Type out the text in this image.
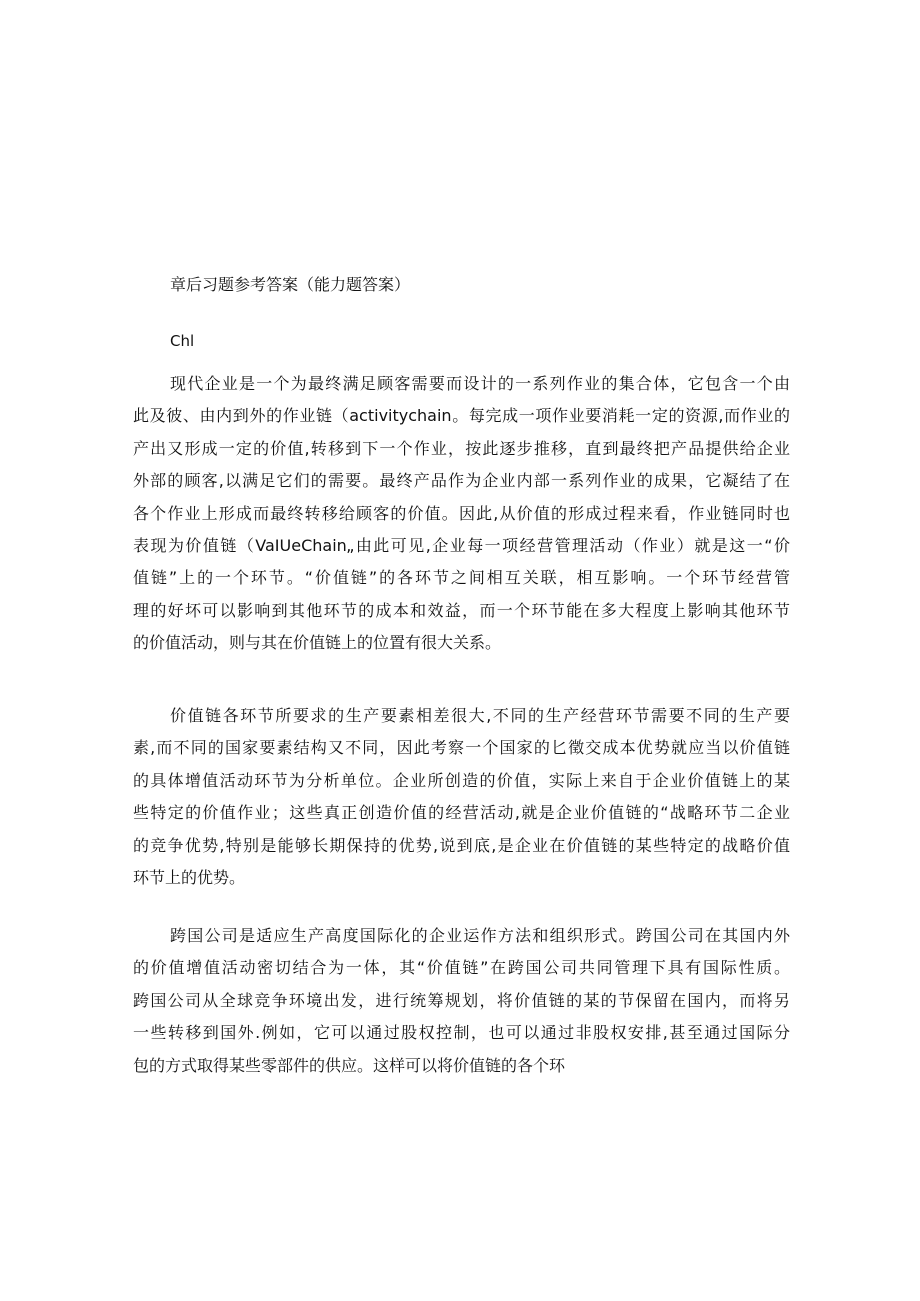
章后习题参考答案（能力题答案）
Chl
现代企业是一个为最终满足顾客需要而设计的一系列作业的集合体，它包含一个由
此及彼、由内到外的作业链（activitychain。每完成一项作业要消耗一定的资源,而作业的
产出又形成一定的价值,转移到下一个作业，按此逐步推移，直到最终把产品提供给企业
外部的顾客,以满足它们的需要。最终产品作为企业内部一系列作业的成果，它凝结了在
各个作业上形成而最终转移给顾客的价值。因此,从价值的形成过程来看，作业链同时也
表现为价值链（VaIUeChain„由此可见,企业每一项经营管理活动（作业）就是这一“价
值链”上的一个环节。“价值链”的各环节之间相互关联，相互影响。一个环节经营管
理的好坏可以影响到其他环节的成本和效益，而一个环节能在多大程度上影响其他环节
的价值活动，则与其在价值链上的位置有很大关系。
价值链各环节所要求的生产要素相差很大,不同的生产经营环节需要不同的生产要
素,而不同的国家要素结构又不同，因此考察一个国家的匕徵交成本优势就应当以价值链
的具体增值活动环节为分析单位。企业所创造的价值，实际上来自于企业价值链上的某
些特定的价值作业；这些真正创造价值的经营活动,就是企业价值链的“战略环节二企业
的竞争优势,特别是能够长期保持的优势,说到底,是企业在价值链的某些特定的战略价值
环节上的优势。
跨国公司是适应生产高度国际化的企业运作方法和组织形式。跨国公司在其国内外
的价值增值活动密切结合为一体，其“价值链”在跨国公司共同管理下具有国际性质。
跨国公司从全球竞争环境出发，进行统筹规划，将价值链的某的节保留在国内，而将另
一些转移到国外.例如，它可以通过股权控制，也可以通过非股权安排,甚至通过国际分
包的方式取得某些零部件的供应。这样可以将价值链的各个环
